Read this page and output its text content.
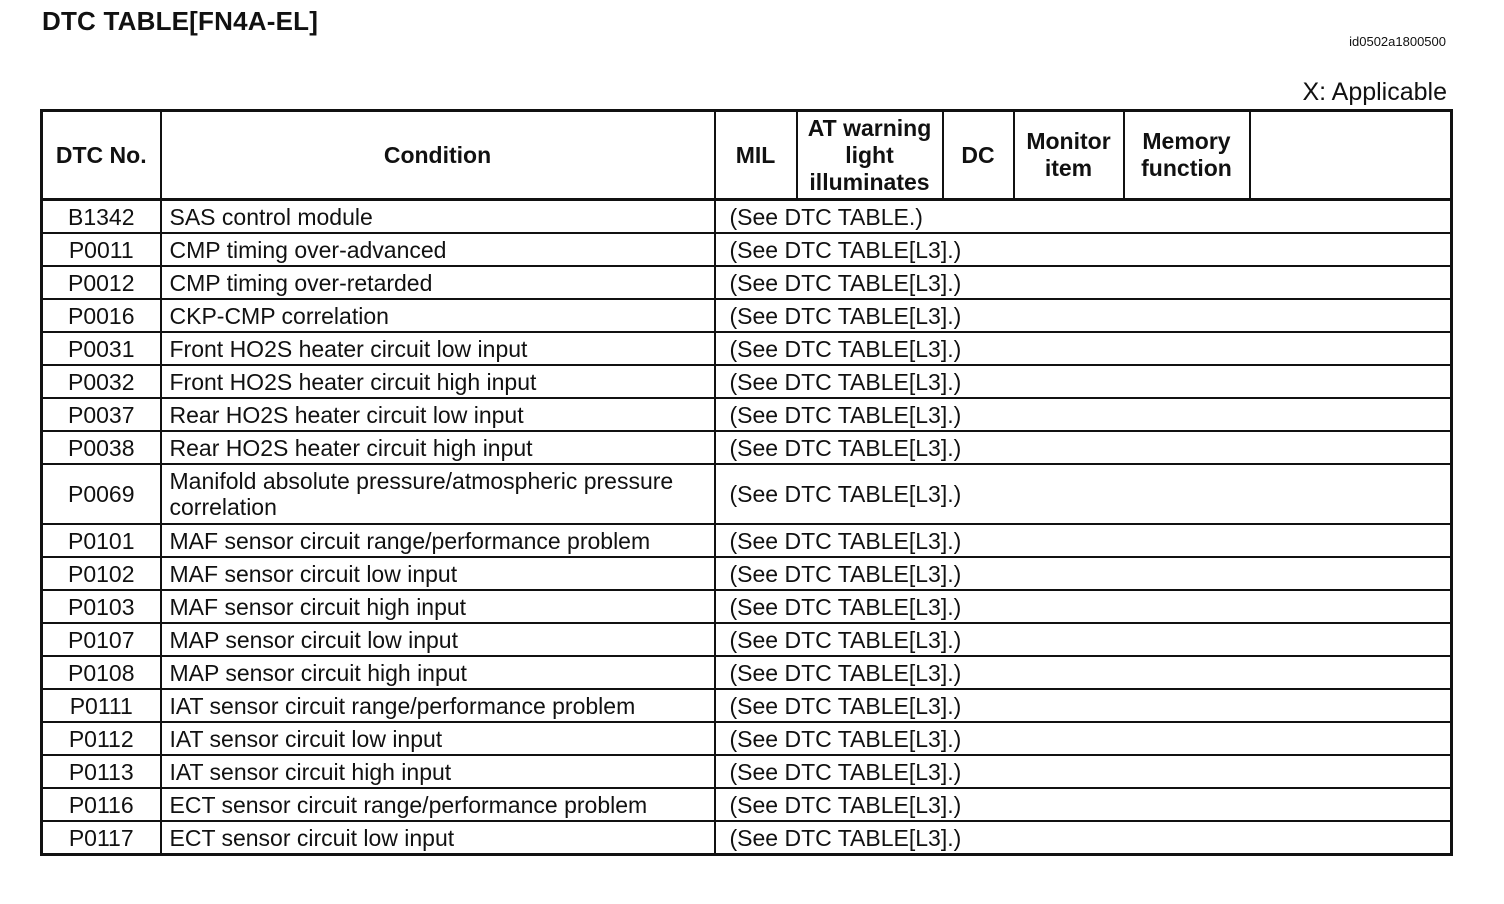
DTC TABLE[FN4A-EL]
id0502a1800500
X: Applicable
DTC No.	Condition	MIL	AT warning light illuminates	DC	Monitor item	Memory function	
B1342	SAS control module	(See DTC TABLE.)					
P0011	CMP timing over-advanced	(See DTC TABLE[L3].)					
P0012	CMP timing over-retarded	(See DTC TABLE[L3].)					
P0016	CKP-CMP correlation	(See DTC TABLE[L3].)					
P0031	Front HO2S heater circuit low input	(See DTC TABLE[L3].)					
P0032	Front HO2S heater circuit high input	(See DTC TABLE[L3].)					
P0037	Rear HO2S heater circuit low input	(See DTC TABLE[L3].)					
P0038	Rear HO2S heater circuit high input	(See DTC TABLE[L3].)					
P0069	Manifold absolute pressure/atmospheric pressure correlation	(See DTC TABLE[L3].)					
P0101	MAF sensor circuit range/performance problem	(See DTC TABLE[L3].)					
P0102	MAF sensor circuit low input	(See DTC TABLE[L3].)					
P0103	MAF sensor circuit high input	(See DTC TABLE[L3].)					
P0107	MAP sensor circuit low input	(See DTC TABLE[L3].)					
P0108	MAP sensor circuit high input	(See DTC TABLE[L3].)					
P0111	IAT sensor circuit range/performance problem	(See DTC TABLE[L3].)					
P0112	IAT sensor circuit low input	(See DTC TABLE[L3].)					
P0113	IAT sensor circuit high input	(See DTC TABLE[L3].)					
P0116	ECT sensor circuit range/performance problem	(See DTC TABLE[L3].)					
P0117	ECT sensor circuit low input	(See DTC TABLE[L3].)					
